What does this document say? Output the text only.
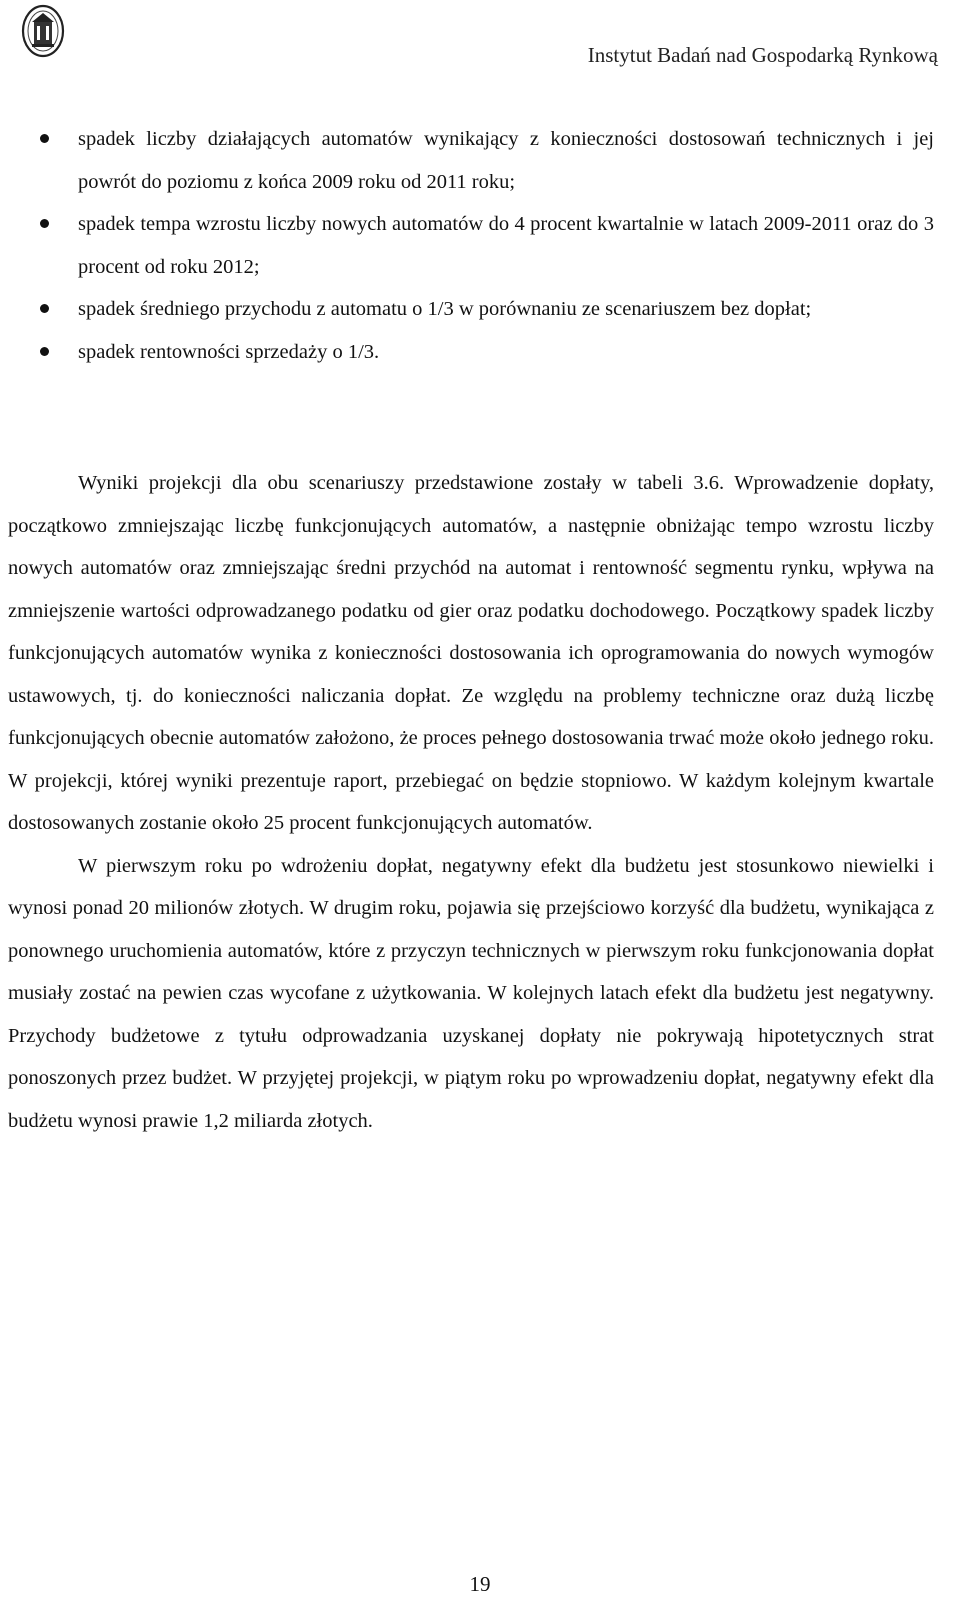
Instytut Badań nad Gospodarką Rynkową
spadek liczby działających automatów wynikający z konieczności dostosowań technicznych i jej powrót do poziomu z końca 2009 roku od 2011 roku;
spadek tempa wzrostu liczby nowych automatów do 4 procent kwartalnie w latach 2009-2011 oraz do 3 procent od roku 2012;
spadek średniego przychodu z automatu o 1/3 w porównaniu ze scenariuszem bez dopłat;
spadek rentowności sprzedaży o 1/3.

Wyniki projekcji dla obu scenariuszy przedstawione zostały w tabeli 3.6. Wprowadzenie dopłaty, początkowo zmniejszając liczbę funkcjonujących automatów, a następnie obniżając tempo wzrostu liczby nowych automatów oraz zmniejszając średni przychód na automat i rentowność segmentu rynku, wpływa na zmniejszenie wartości odprowadzanego podatku od gier oraz podatku dochodowego. Początkowy spadek liczby funkcjonujących automatów wynika z konieczności dostosowania ich oprogramowania do nowych wymogów ustawowych, tj. do konieczności naliczania dopłat. Ze względu na problemy techniczne oraz dużą liczbę funkcjonujących obecnie automatów założono, że proces pełnego dostosowania trwać może około jednego roku. W projekcji, której wyniki prezentuje raport, przebiegać on będzie stopniowo. W każdym kolejnym kwartale dostosowanych zostanie około 25 procent funkcjonujących automatów.

W pierwszym roku po wdrożeniu dopłat, negatywny efekt dla budżetu jest stosunkowo niewielki i wynosi ponad 20 milionów złotych. W drugim roku, pojawia się przejściowo korzyść dla budżetu, wynikająca z ponownego uruchomienia automatów, które z przyczyn technicznych w pierwszym roku funkcjonowania dopłat musiały zostać na pewien czas wycofane z użytkowania. W kolejnych latach efekt dla budżetu jest negatywny. Przychody budżetowe z tytułu odprowadzania uzyskanej dopłaty nie pokrywają hipotetycznych strat ponoszonych przez budżet. W przyjętej projekcji, w piątym roku po wprowadzeniu dopłat, negatywny efekt dla budżetu wynosi prawie 1,2 miliarda złotych.

19
